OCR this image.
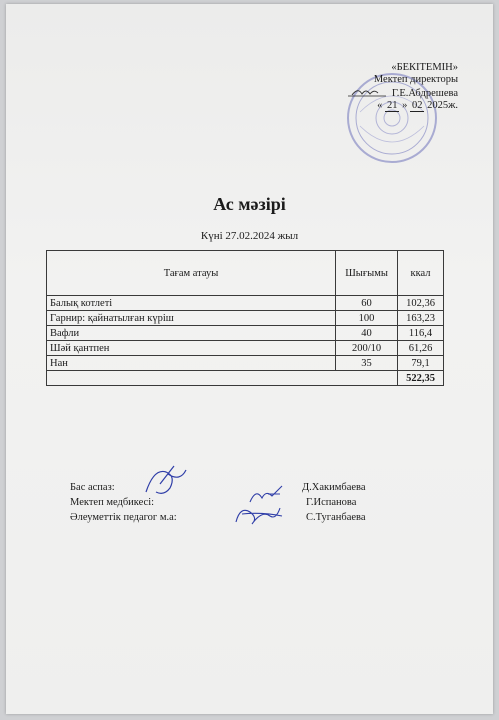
«БЕКІТЕМІН»
Мектеп директоры
Г.Е.Абдрешева
« 21 » 02 2025ж.
Ас мәзірі
Күні 27.02.2024 жыл
Тағам атауы	Шығымы	ккал
Балық котлеті	60	102,36
Гарнир: қайнатылған күріш	100	163,23
Вафли	40	116,4
Шәй қантпен	200/10	61,26
Нан	35	79,1
		522,35
Бас аспаз:	Д.Хакимбаева
Мектеп медбикесі:	Г.Испанова
Әлеуметтік педагог м.а:	С.Туганбаева
